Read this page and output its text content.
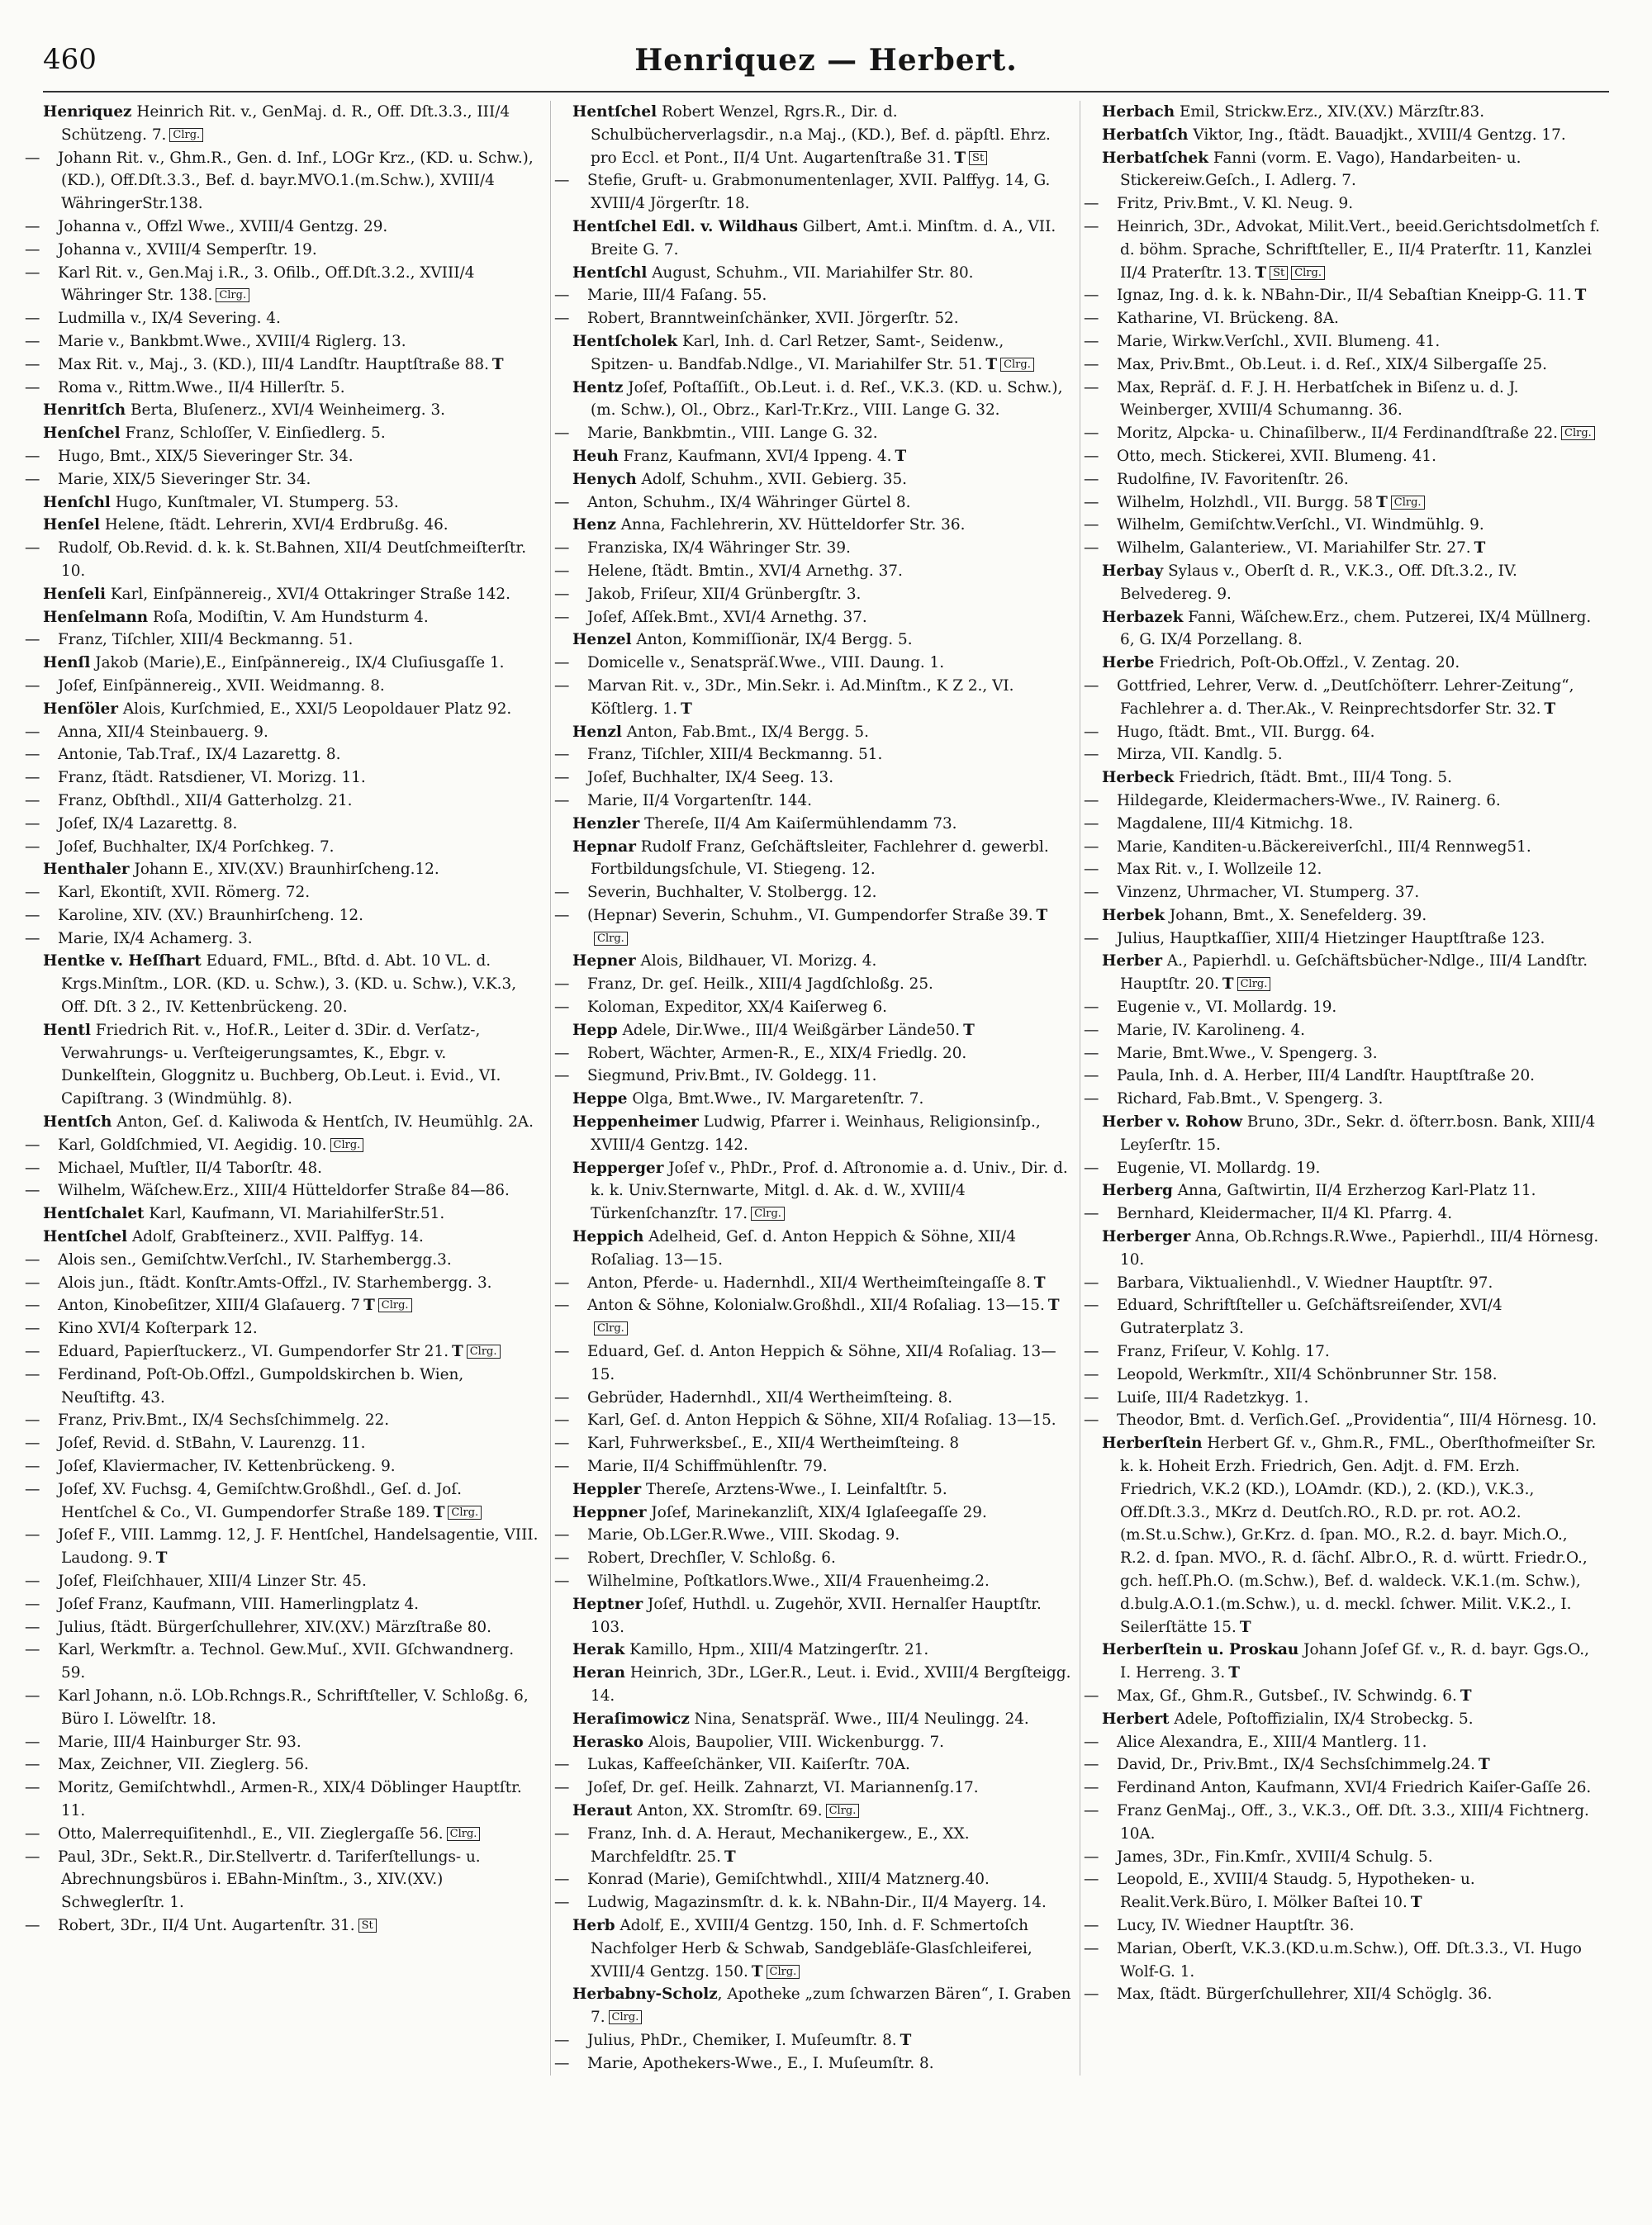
460	Henriquez — Herbert.
Henriquez Heinrich Rit. v., GenMaj. d. R., Off. Dſt.3.3., III/4 Schützeng. 7. Clrg.
— Johann Rit. v., Ghm.R., Gen. d. Inf., LOGr Krz., (KD. u. Schw.), (KD.), Off.Dſt.3.3., Bef. d. bayr.MVO.1.(m.Schw.), XVIII/4 WähringerStr.138.
— Johanna v., Offzl Wwe., XVIII/4 Gentzg. 29.
— Johanna v., XVIII/4 Semperſtr. 19.
— Karl Rit. v., Gen.Maj i.R., 3. Ofilb., Off.Dſt.3.2., XVIII/4 Währinger Str. 138. Clrg.
— Ludmilla v., IX/4 Severing. 4.
— Marie v., Bankbmt.Wwe., XVIII/4 Riglerg. 13.
— Max Rit. v., Maj., 3. (KD.), III/4 Landſtr. Hauptſtraße 88. T
— Roma v., Rittm.Wwe., II/4 Hillerſtr. 5.
Henritſch Berta, Bluſenerz., XVI/4 Weinheimerg. 3.
Henſchel Franz, Schloſſer, V. Einſiedlerg. 5.
— Hugo, Bmt., XIX/5 Sieveringer Str. 34.
— Marie, XIX/5 Sieveringer Str. 34.
Henſchl Hugo, Kunſtmaler, VI. Stumperg. 53.
Henſel Helene, ſtädt. Lehrerin, XVI/4 Erdbrußg. 46.
— Rudolf, Ob.Revid. d. k. k. St.Bahnen, XII/4 Deutſchmeiſterſtr. 10.
Henſeli Karl, Einſpännereig., XVI/4 Ottakringer Straße 142.
Henſelmann Roſa, Modiſtin, V. Am Hundsturm 4.
— Franz, Tiſchler, XIII/4 Beckmanng. 51.
Henſl Jakob (Marie),E., Einſpännereig., IX/4 Cluſiusgaſſe 1.
— Joſef, Einſpännereig., XVII. Weidmanng. 8.
Henſöler Alois, Kurſchmied, E., XXI/5 Leopoldauer Platz 92.
— Anna, XII/4 Steinbauerg. 9.
— Antonie, Tab.Traf., IX/4 Lazarettg. 8.
— Franz, ſtädt. Ratsdiener, VI. Morizg. 11.
— Franz, Obſthdl., XII/4 Gatterholzg. 21.
— Joſef, IX/4 Lazarettg. 8.
— Joſef, Buchhalter, IX/4 Porſchkeg. 7.
Henthaler Johann E., XIV.(XV.) Braunhirſcheng.12.
— Karl, Ekontiſt, XVII. Römerg. 72.
— Karoline, XIV. (XV.) Braunhirſcheng. 12.
— Marie, IX/4 Achamerg. 3.
Hentke v. Heſſhart Eduard, FML., Bſtd. d. Abt. 10 VL. d. Krgs.Minſtm., LOR. (KD. u. Schw.), 3. (KD. u. Schw.), V.K.3, Off. Dſt. 3 2., IV. Kettenbrückeng. 20.
Hentl Friedrich Rit. v., Hof.R., Leiter d. 3Dir. d. Verſatz-, Verwahrungs- u. Verſteigerungsamtes, K., Ebgr. v. Dunkelſtein, Gloggnitz u. Buchberg, Ob.Leut. i. Evid., VI. Capiſtrang. 3 (Windmühlg. 8).
Hentſch Anton, Geſ. d. Kaliwoda & Hentſch, IV. Heumühlg. 2A.
— Karl, Goldſchmied, VI. Aegidig. 10. Clrg.
— Michael, Muſtler, II/4 Taborſtr. 48.
— Wilhelm, Wäſchew.Erz., XIII/4 Hütteldorfer Straße 84—86.
Hentſchalet Karl, Kaufmann, VI. MariahilferStr.51.
Hentſchel Adolf, Grabſteinerz., XVII. Palffyg. 14.
— Alois sen., Gemiſchtw.Verſchl., IV. Starhembergg.3.
— Alois jun., ſtädt. Konſtr.Amts-Offzl., IV. Starhembergg. 3.
— Anton, Kinobeſitzer, XIII/4 Glaſauerg. 7 T Clrg.
— Kino XVI/4 Koſterpark 12.
— Eduard, Papierſtuckerz., VI. Gumpendorfer Str 21. T Clrg.
— Ferdinand, Poſt-Ob.Offzl., Gumpoldskirchen b. Wien, Neuſtiftg. 43.
— Franz, Priv.Bmt., IX/4 Sechsſchimmelg. 22.
— Joſef, Revid. d. StBahn, V. Laurenzg. 11.
— Joſef, Klaviermacher, IV. Kettenbrückeng. 9.
— Joſef, XV. Fuchsg. 4, Gemiſchtw.Großhdl., Geſ. d. Joſ. Hentſchel & Co., VI. Gumpendorfer Straße 189. T Clrg.
— Joſef F., VIII. Lammg. 12, J. F. Hentſchel, Handelsagentie, VIII. Laudong. 9. T
— Joſef, Fleiſchhauer, XIII/4 Linzer Str. 45.
— Joſef Franz, Kaufmann, VIII. Hamerlingplatz 4.
— Julius, ſtädt. Bürgerſchullehrer, XIV.(XV.) Märzſtraße 80.
— Karl, Werkmſtr. a. Technol. Gew.Muſ., XVII. Gſchwandnerg. 59.
— Karl Johann, n.ö. LOb.Rchngs.R., Schriftſteller, V. Schloßg. 6, Büro I. Löwelſtr. 18.
— Marie, III/4 Hainburger Str. 93.
— Max, Zeichner, VII. Zieglerg. 56.
— Moritz, Gemiſchtwhdl., Armen-R., XIX/4 Döblinger Hauptſtr. 11.
— Otto, Malerrequiſitenhdl., E., VII. Zieglergaſſe 56. Clrg.
— Paul, 3Dr., Sekt.R., Dir.Stellvertr. d. Tariferſtellungs- u. Abrechnungsbüros i. EBahn-Minſtm., 3., XIV.(XV.) Schweglerſtr. 1.
— Robert, 3Dr., II/4 Unt. Augartenſtr. 31. St
Hentſchel Robert Wenzel, Rgrs.R., Dir. d. Schulbücherverlagsdir., n.a Maj., (KD.), Bef. d. päpſtl. Ehrz. pro Eccl. et Pont., II/4 Unt. Augartenſtraße 31. T St
— Stefie, Gruft- u. Grabmonumentenlager, XVII. Palffyg. 14, G. XVIII/4 Jörgerſtr. 18.
Hentſchel Edl. v. Wildhaus Gilbert, Amt.i. Minſtm. d. A., VII. Breite G. 7.
Hentſchl August, Schuhm., VII. Mariahilfer Str. 80.
— Marie, III/4 Faſang. 55.
— Robert, Branntweinſchänker, XVII. Jörgerſtr. 52.
Hentſcholek Karl, Inh. d. Carl Retzer, Samt-, Seidenw., Spitzen- u. Bandfab.Ndlge., VI. Mariahilfer Str. 51. T Clrg.
Hentz Joſef, Poſtaſſiſt., Ob.Leut. i. d. Reſ., V.K.3. (KD. u. Schw.), (m. Schw.), Ol., Obrz., Karl-Tr.Krz., VIII. Lange G. 32.
— Marie, Bankbmtin., VIII. Lange G. 32.
Heuh Franz, Kaufmann, XVI/4 Ippeng. 4. T
Henych Adolf, Schuhm., XVII. Gebierg. 35.
— Anton, Schuhm., IX/4 Währinger Gürtel 8.
Henz Anna, Fachlehrerin, XV. Hütteldorfer Str. 36.
— Franziska, IX/4 Währinger Str. 39.
— Helene, ſtädt. Bmtin., XVI/4 Arnethg. 37.
— Jakob, Friſeur, XII/4 Grünbergſtr. 3.
— Joſef, Aſſek.Bmt., XVI/4 Arnethg. 37.
Henzel Anton, Kommiſſionär, IX/4 Bergg. 5.
— Domicelle v., Senatspräſ.Wwe., VIII. Daung. 1.
— Marvan Rit. v., 3Dr., Min.Sekr. i. Ad.Minſtm., K Z 2., VI. Köſtlerg. 1. T
Henzl Anton, Fab.Bmt., IX/4 Bergg. 5.
— Franz, Tiſchler, XIII/4 Beckmanng. 51.
— Joſef, Buchhalter, IX/4 Seeg. 13.
— Marie, II/4 Vorgartenſtr. 144.
Henzler Thereſe, II/4 Am Kaiſermühlendamm 73.
Hepnar Rudolf Franz, Geſchäftsleiter, Fachlehrer d. gewerbl. Fortbildungsſchule, VI. Stiegeng. 12.
— Severin, Buchhalter, V. Stolbergg. 12.
— (Hepnar) Severin, Schuhm., VI. Gumpendorfer Straße 39. TClrg.
Hepner Alois, Bildhauer, VI. Morizg. 4.
— Franz, Dr. geſ. Heilk., XIII/4 Jagdſchloßg. 25.
— Koloman, Expeditor, XX/4 Kaiſerweg 6.
Hepp Adele, Dir.Wwe., III/4 Weißgärber Lände50. T
— Robert, Wächter, Armen-R., E., XIX/4 Friedlg. 20.
— Siegmund, Priv.Bmt., IV. Goldegg. 11.
Heppe Olga, Bmt.Wwe., IV. Margaretenſtr. 7.
Heppenheimer Ludwig, Pfarrer i. Weinhaus, Religionsinſp., XVIII/4 Gentzg. 142.
Hepperger Joſef v., PhDr., Prof. d. Aſtronomie a. d. Univ., Dir. d. k. k. Univ.Sternwarte, Mitgl. d. Ak. d. W., XVIII/4 Türkenſchanzſtr. 17. Clrg.
Heppich Adelheid, Geſ. d. Anton Heppich & Söhne, XII/4 Roſaliag. 13—15.
— Anton, Pferde- u. Hadernhdl., XII/4 Wertheimſteingaſſe 8. T
— Anton & Söhne, Kolonialw.Großhdl., XII/4 Roſaliag. 13—15. TClrg.
— Eduard, Geſ. d. Anton Heppich & Söhne, XII/4 Roſaliag. 13—15.
— Gebrüder, Hadernhdl., XII/4 Wertheimſteing. 8.
— Karl, Geſ. d. Anton Heppich & Söhne, XII/4 Roſaliag. 13—15.
— Karl, Fuhrwerksbeſ., E., XII/4 Wertheimſteing. 8
— Marie, II/4 Schiffmühlenſtr. 79.
Heppler Thereſe, Arztens-Wwe., I. Leinfaltſtr. 5.
Heppner Joſef, Marinekanzliſt, XIX/4 Iglaſeegaſſe 29.
— Marie, Ob.LGer.R.Wwe., VIII. Skodag. 9.
— Robert, Drechſler, V. Schloßg. 6.
— Wilhelmine, Poſtkatlors.Wwe., XII/4 Frauenheimg.2.
Heptner Joſef, Huthdl. u. Zugehör, XVII. Hernalſer Hauptſtr. 103.
Herak Kamillo, Hpm., XIII/4 Matzingerſtr. 21.
Heran Heinrich, 3Dr., LGer.R., Leut. i. Evid., XVIII/4 Bergſteigg. 14.
Heraſimowicz Nina, Senatspräſ. Wwe., III/4 Neulingg. 24.
Herasko Alois, Baupolier, VIII. Wickenburgg. 7.
— Lukas, Kaffeeſchänker, VII. Kaiſerſtr. 70A.
— Joſef, Dr. geſ. Heilk. Zahnarzt, VI. Mariannenſg.17.
Heraut Anton, XX. Stromſtr. 69. Clrg.
— Franz, Inh. d. A. Heraut, Mechanikergew., E., XX. Marchfeldſtr. 25. T
— Konrad (Marie), Gemiſchtwhdl., XIII/4 Matznerg.40.
— Ludwig, Magazinsmſtr. d. k. k. NBahn-Dir., II/4 Mayerg. 14.
Herb Adolf, E., XVIII/4 Gentzg. 150, Inh. d. F. Schmertoſch Nachfolger Herb & Schwab, Sandgebläſe-Glasſchleiferei, XVIII/4 Gentzg. 150. T Clrg.
Herbabny-Scholz, Apotheke „zum ſchwarzen Bären“, I. Graben 7. Clrg.
— Julius, PhDr., Chemiker, I. Muſeumſtr. 8. T
— Marie, Apothekers-Wwe., E., I. Muſeumſtr. 8.
Herbach Emil, Strickw.Erz., XIV.(XV.) Märzſtr.83.
Herbatſch Viktor, Ing., ſtädt. Bauadjkt., XVIII/4 Gentzg. 17.
Herbatſchek Fanni (vorm. E. Vago), Handarbeiten- u. Stickereiw.Geſch., I. Adlerg. 7.
— Fritz, Priv.Bmt., V. Kl. Neug. 9.
— Heinrich, 3Dr., Advokat, Milit.Vert., beeid.Gerichtsdolmetſch f. d. böhm. Sprache, Schriftſteller, E., II/4 Praterſtr. 11, Kanzlei II/4 Praterſtr. 13. T St Clrg.
— Ignaz, Ing. d. k. k. NBahn-Dir., II/4 Sebaſtian Kneipp-G. 11. T
— Katharine, VI. Brückeng. 8A.
— Marie, Wirkw.Verſchl., XVII. Blumeng. 41.
— Max, Priv.Bmt., Ob.Leut. i. d. Reſ., XIX/4 Silbergaſſe 25.
— Max, Repräſ. d. F. J. H. Herbatſchek in Biſenz u. d. J. Weinberger, XVIII/4 Schumanng. 36.
— Moritz, Alpcka- u. Chinaſilberw., II/4 Ferdinandſtraße 22. Clrg.
— Otto, mech. Stickerei, XVII. Blumeng. 41.
— Rudolfine, IV. Favoritenſtr. 26.
— Wilhelm, Holzhdl., VII. Burgg. 58 T Clrg.
— Wilhelm, Gemiſchtw.Verſchl., VI. Windmühlg. 9.
— Wilhelm, Galanteriew., VI. Mariahilfer Str. 27. T
Herbay Sylaus v., Oberſt d. R., V.K.3., Off. Dſt.3.2., IV. Belvedereg. 9.
Herbazek Fanni, Wäſchew.Erz., chem. Putzerei, IX/4 Müllnerg. 6, G. IX/4 Porzellang. 8.
Herbe Friedrich, Poſt-Ob.Offzl., V. Zentag. 20.
— Gottfried, Lehrer, Verw. d. „Deutſchöſterr. Lehrer-Zeitung“, Fachlehrer a. d. Ther.Ak., V. Reinprechtsdorfer Str. 32. T
— Hugo, ſtädt. Bmt., VII. Burgg. 64.
— Mirza, VII. Kandlg. 5.
Herbeck Friedrich, ſtädt. Bmt., III/4 Tong. 5.
— Hildegarde, Kleidermachers-Wwe., IV. Rainerg. 6.
— Magdalene, III/4 Kitmichg. 18.
— Marie, Kanditen-u.Bäckereiverſchl., III/4 Rennweg51.
— Max Rit. v., I. Wollzeile 12.
— Vinzenz, Uhrmacher, VI. Stumperg. 37.
Herbek Johann, Bmt., X. Senefelderg. 39.
— Julius, Hauptkaſſier, XIII/4 Hietzinger Hauptſtraße 123.
Herber A., Papierhdl. u. Geſchäftsbücher-Ndlge., III/4 Landſtr. Hauptſtr. 20. T Clrg.
— Eugenie v., VI. Mollardg. 19.
— Marie, IV. Karolineng. 4.
— Marie, Bmt.Wwe., V. Spengerg. 3.
— Paula, Inh. d. A. Herber, III/4 Landſtr. Hauptſtraße 20.
— Richard, Fab.Bmt., V. Spengerg. 3.
Herber v. Rohow Bruno, 3Dr., Sekr. d. öſterr.bosn. Bank, XIII/4 Leyſerſtr. 15.
— Eugenie, VI. Mollardg. 19.
Herberg Anna, Gaſtwirtin, II/4 Erzherzog Karl-Platz 11.
— Bernhard, Kleidermacher, II/4 Kl. Pfarrg. 4.
Herberger Anna, Ob.Rchngs.R.Wwe., Papierhdl., III/4 Hörnesg. 10.
— Barbara, Viktualienhdl., V. Wiedner Hauptſtr. 97.
— Eduard, Schriftſteller u. Geſchäftsreiſender, XVI/4 Gutraterplatz 3.
— Franz, Friſeur, V. Kohlg. 17.
— Leopold, Werkmſtr., XII/4 Schönbrunner Str. 158.
— Luiſe, III/4 Radetzkyg. 1.
— Theodor, Bmt. d. Verſich.Geſ. „Providentia“, III/4 Hörnesg. 10.
Herberſtein Herbert Gf. v., Ghm.R., FML., Oberſthofmeiſter Sr. k. k. Hoheit Erzh. Friedrich, Gen. Adjt. d. FM. Erzh. Friedrich, V.K.2 (KD.), LOAmdr. (KD.), 2. (KD.), V.K.3., Off.Dſt.3.3., MKrz d. Deutſch.RO., R.D. pr. rot. AO.2.(m.St.u.Schw.), Gr.Krz. d. ſpan. MO., R.2. d. bayr. Mich.O., R.2. d. ſpan. MVO., R. d. ſächſ. Albr.O., R. d. württ. Friedr.O., gch. heſſ.Ph.O. (m.Schw.), Bef. d. waldeck. V.K.1.(m. Schw.), d.bulg.A.O.1.(m.Schw.), u. d. meckl. ſchwer. Milit. V.K.2., I. Seilerſtätte 15. T
Herberſtein u. Proskau Johann Joſef Gf. v., R. d. bayr. Ggs.O., I. Herreng. 3. T
— Max, Gf., Ghm.R., Gutsbeſ., IV. Schwindg. 6. T
Herbert Adele, Poſtoffizialin, IX/4 Strobeckg. 5.
— Alice Alexandra, E., XIII/4 Mantlerg. 11.
— David, Dr., Priv.Bmt., IX/4 Sechsſchimmelg.24. T
— Ferdinand Anton, Kaufmann, XVI/4 Friedrich Kaiſer-Gaſſe 26.
— Franz GenMaj., Off., 3., V.K.3., Off. Dſt. 3.3., XIII/4 Fichtnerg. 10A.
— James, 3Dr., Fin.Kmſr., XVIII/4 Schulg. 5.
— Leopold, E., XVIII/4 Staudg. 5, Hypotheken- u. Realit.Verk.Büro, I. Mölker Baſtei 10. T
— Lucy, IV. Wiedner Hauptſtr. 36.
— Marian, Oberſt, V.K.3.(KD.u.m.Schw.), Off. Dſt.3.3., VI. Hugo Wolf-G. 1.
— Max, ſtädt. Bürgerſchullehrer, XII/4 Schöglg. 36.
